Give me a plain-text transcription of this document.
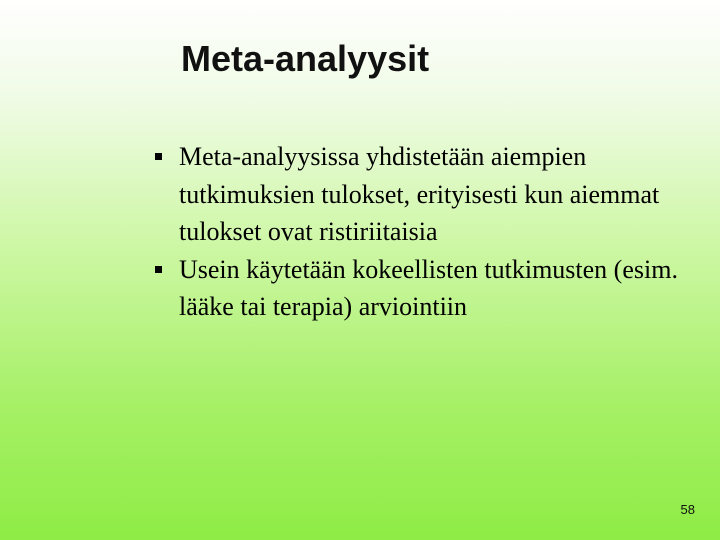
Meta-analyysit
Meta-analyysissa yhdistetään aiempien tutkimuksien tulokset, erityisesti kun aiemmat tulokset ovat ristiriitaisia
Usein käytetään kokeellisten tutkimusten (esim. lääke tai terapia) arviointiin
58
